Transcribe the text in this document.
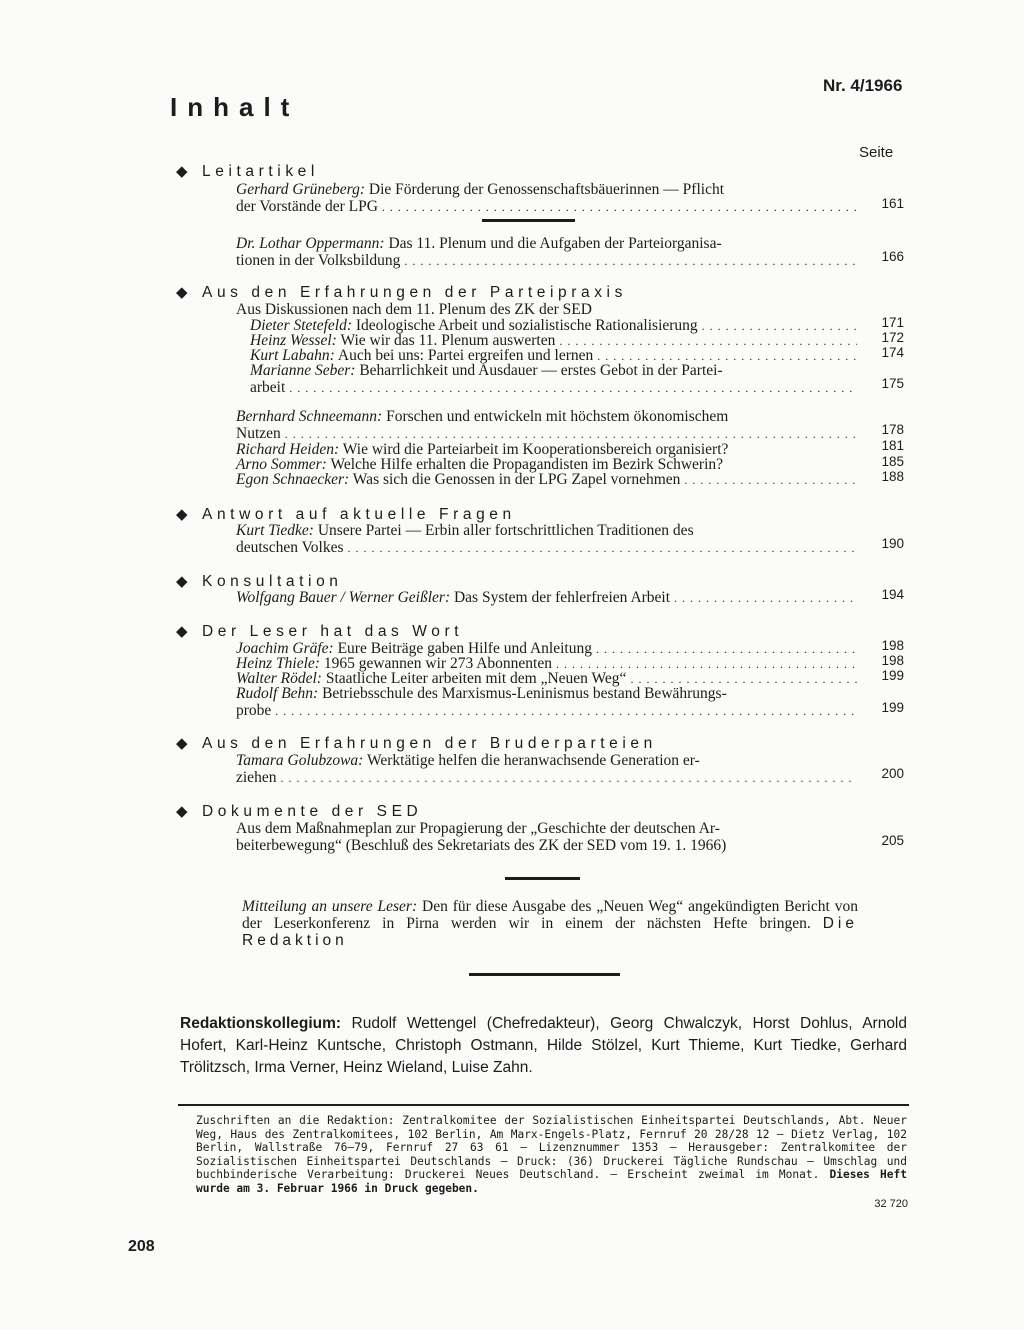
Nr. 4/1966
Inhalt
Seite
◆ Leitartikel
Gerhard Grüneberg: Die Förderung der Genossenschaftsbäuerinnen — Pflicht
der Vorstände der LPG . . .	161
Dr. Lothar Oppermann: Das 11. Plenum und die Aufgaben der Parteiorganisa-
tionen in der Volksbildung . . .	166
◆ Aus den Erfahrungen der Parteipraxis
Aus Diskussionen nach dem 11. Plenum des ZK der SED
Dieter Stetefeld: Ideologische Arbeit und sozialistische Rationalisierung . . .	171
Heinz Wessel: Wie wir das 11. Plenum auswerten . . .	172
Kurt Labahn: Auch bei uns: Partei ergreifen und lernen . . .	174
Marianne Seber: Beharrlichkeit und Ausdauer — erstes Gebot in der Partei-
arbeit . . .	175
Bernhard Schneemann: Forschen und entwickeln mit höchstem ökonomischem
Nutzen . . .	178
Richard Heiden: Wie wird die Parteiarbeit im Kooperationsbereich organisiert?	181
Arno Sommer: Welche Hilfe erhalten die Propagandisten im Bezirk Schwerin?	185
Egon Schnaecker: Was sich die Genossen in der LPG Zapel vornehmen . . .	188
◆ Antwort auf aktuelle Fragen
Kurt Tiedke: Unsere Partei — Erbin aller fortschrittlichen Traditionen des
deutschen Volkes . . .	190
◆ Konsultation
Wolfgang Bauer / Werner Geißler: Das System der fehlerfreien Arbeit . . .	194
◆ Der Leser hat das Wort
Joachim Gräfe: Eure Beiträge gaben Hilfe und Anleitung . . .	198
Heinz Thiele: 1965 gewannen wir 273 Abonnenten . . .	198
Walter Rödel: Staatliche Leiter arbeiten mit dem „Neuen Weg“ . . .	199
Rudolf Behn: Betriebsschule des Marxismus-Leninismus bestand Bewährungs-
probe . . .	199
◆ Aus den Erfahrungen der Bruderparteien
Tamara Golubzowa: Werktätige helfen die heranwachsende Generation er-
ziehen . . .	200
◆ Dokumente der SED
Aus dem Maßnahmeplan zur Propagierung der „Geschichte der deutschen Ar-
beiterbewegung“ (Beschluß des Sekretariats des ZK der SED vom 19. 1. 1966)	205
Mitteilung an unsere Leser: Den für diese Ausgabe des „Neuen Weg“ angekündigten Bericht von der Leserkonferenz in Pirna werden wir in einem der nächsten Hefte bringen. Die Redaktion
Redaktionskollegium: Rudolf Wettengel (Chefredakteur), Georg Chwalczyk, Horst Dohlus, Arnold Hofert, Karl-Heinz Kuntsche, Christoph Ostmann, Hilde Stölzel, Kurt Thieme, Kurt Tiedke, Gerhard Trölitzsch, Irma Verner, Heinz Wieland, Luise Zahn.
Zuschriften an die Redaktion: Zentralkomitee der Sozialistischen Einheitspartei Deutschlands, Abt. Neuer Weg, Haus des Zentralkomitees, 102 Berlin, Am Marx-Engels-Platz, Fernruf 20 28/28 12 — Dietz Verlag, 102 Berlin, Wallstraße 76—79, Fernruf 27 63 61 — Lizenznummer 1353 — Herausgeber: Zentralkomitee der Sozialistischen Einheitspartei Deutschlands — Druck: (36) Druckerei Tägliche Rundschau — Umschlag und buchbinderische Verarbeitung: Druckerei Neues Deutschland. — Erscheint zweimal im Monat. Dieses Heft wurde am 3. Februar 1966 in Druck gegeben.
32 720
208
